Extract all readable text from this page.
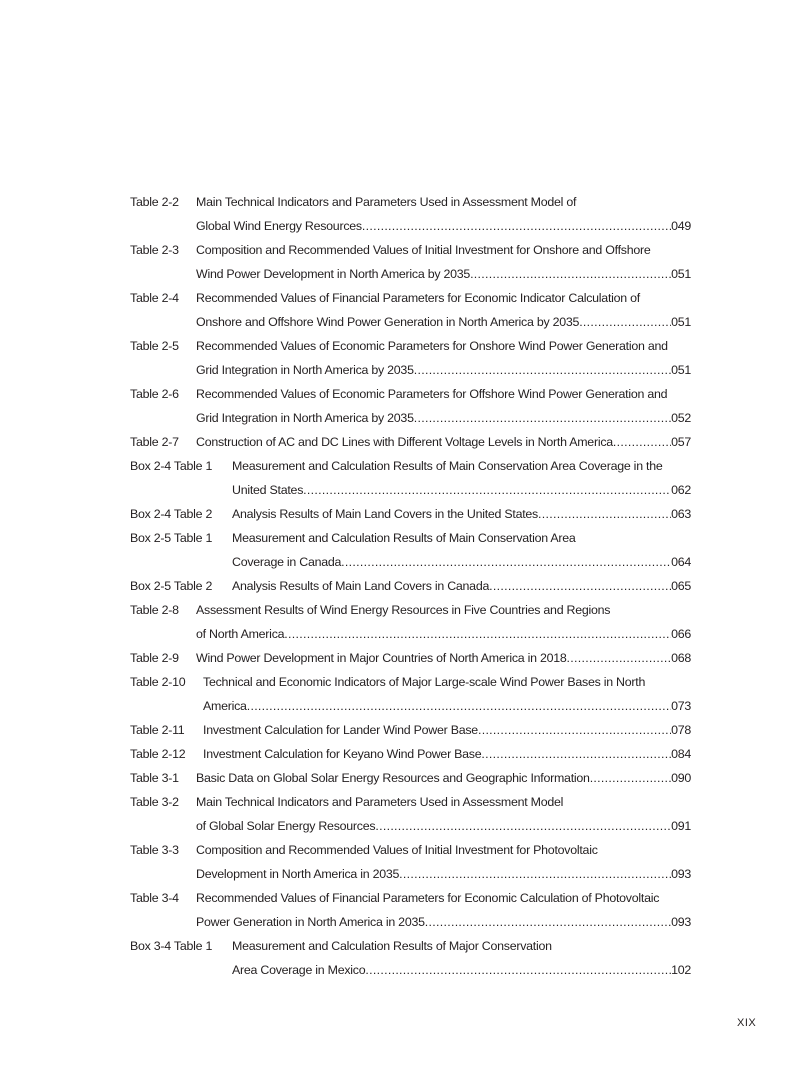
Table 2-2 Main Technical Indicators and Parameters Used in Assessment Model of
Global Wind Energy Resources .....	049
Table 2-3 Composition and Recommended Values of Initial Investment for Onshore and Offshore
Wind Power Development in North America by 2035 .....	051
Table 2-4 Recommended Values of Financial Parameters for Economic Indicator Calculation of
Onshore and Offshore Wind Power Generation in North America by 2035 .....	051
Table 2-5 Recommended Values of Economic Parameters for Onshore Wind Power Generation and
Grid Integration in North America by 2035 .....	051
Table 2-6 Recommended Values of Economic Parameters for Offshore Wind Power Generation and
Grid Integration in North America by 2035 .....	052
Table 2-7 Construction of AC and DC Lines with Different Voltage Levels in North America .....	057
Box 2-4 Table 1 Measurement and Calculation Results of Main Conservation Area Coverage in the
United States .....	062
Box 2-4 Table 2 Analysis Results of Main Land Covers in the United States .....	063
Box 2-5 Table 1 Measurement and Calculation Results of Main Conservation Area
Coverage in Canada .....	064
Box 2-5 Table 2 Analysis Results of Main Land Covers in Canada .....	065
Table 2-8 Assessment Results of Wind Energy Resources in Five Countries and Regions
of North America .....	066
Table 2-9 Wind Power Development in Major Countries of North America in 2018 .....	068
Table 2-10 Technical and Economic Indicators of Major Large-scale Wind Power Bases in North
America .....	073
Table 2-11 Investment Calculation for Lander Wind Power Base .....	078
Table 2-12 Investment Calculation for Keyano Wind Power Base .....	084
Table 3-1 Basic Data on Global Solar Energy Resources and Geographic Information .....	090
Table 3-2 Main Technical Indicators and Parameters Used in Assessment Model
of Global Solar Energy Resources .....	091
Table 3-3 Composition and Recommended Values of Initial Investment for Photovoltaic
Development in North America in 2035 .....	093
Table 3-4 Recommended Values of Financial Parameters for Economic Calculation of Photovoltaic
Power Generation in North America in 2035 .....	093
Box 3-4 Table 1 Measurement and Calculation Results of Major Conservation
Area Coverage in Mexico .....	102
XIX
